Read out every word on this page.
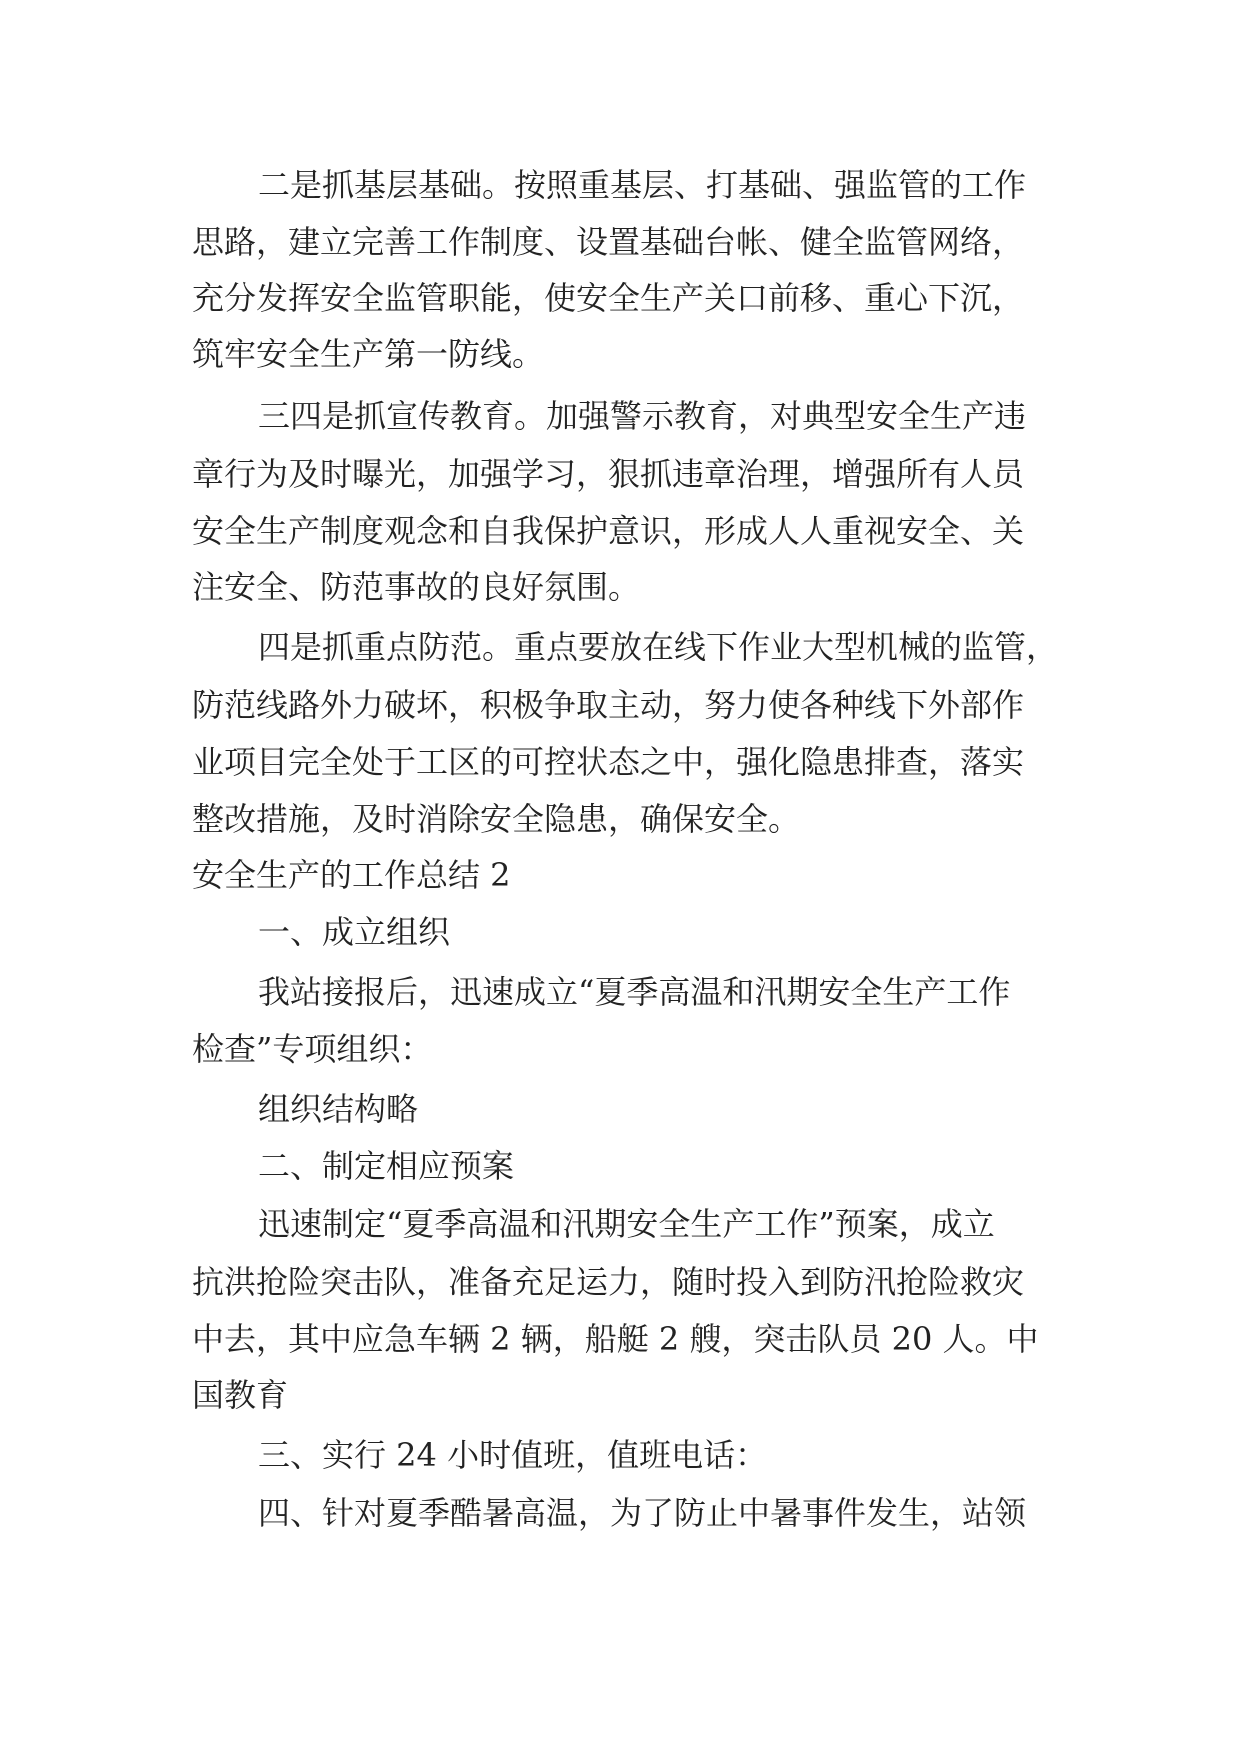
二是抓基层基础。按照重基层、打基础、强监管的工作
思路，建立完善工作制度、设置基础台帐、健全监管网络，
充分发挥安全监管职能，使安全生产关口前移、重心下沉，
筑牢安全生产第一防线。
三四是抓宣传教育。加强警示教育，对典型安全生产违
章行为及时曝光，加强学习，狠抓违章治理，增强所有人员
安全生产制度观念和自我保护意识，形成人人重视安全、关
注安全、防范事故的良好氛围。
四是抓重点防范。重点要放在线下作业大型机械的监管，
防范线路外力破坏，积极争取主动，努力使各种线下外部作
业项目完全处于工区的可控状态之中，强化隐患排查，落实
整改措施，及时消除安全隐患，确保安全。
安全生产的工作总结 2
一、成立组织
我站接报后，迅速成立“夏季高温和汛期安全生产工作
检查”专项组织：
组织结构略
二、制定相应预案
迅速制定“夏季高温和汛期安全生产工作”预案，成立
抗洪抢险突击队，准备充足运力，随时投入到防汛抢险救灾
中去，其中应急车辆 2 辆，船艇 2 艘，突击队员 20 人。中
国教育
三、实行 24 小时值班，值班电话：
四、针对夏季酷暑高温，为了防止中暑事件发生，站领
